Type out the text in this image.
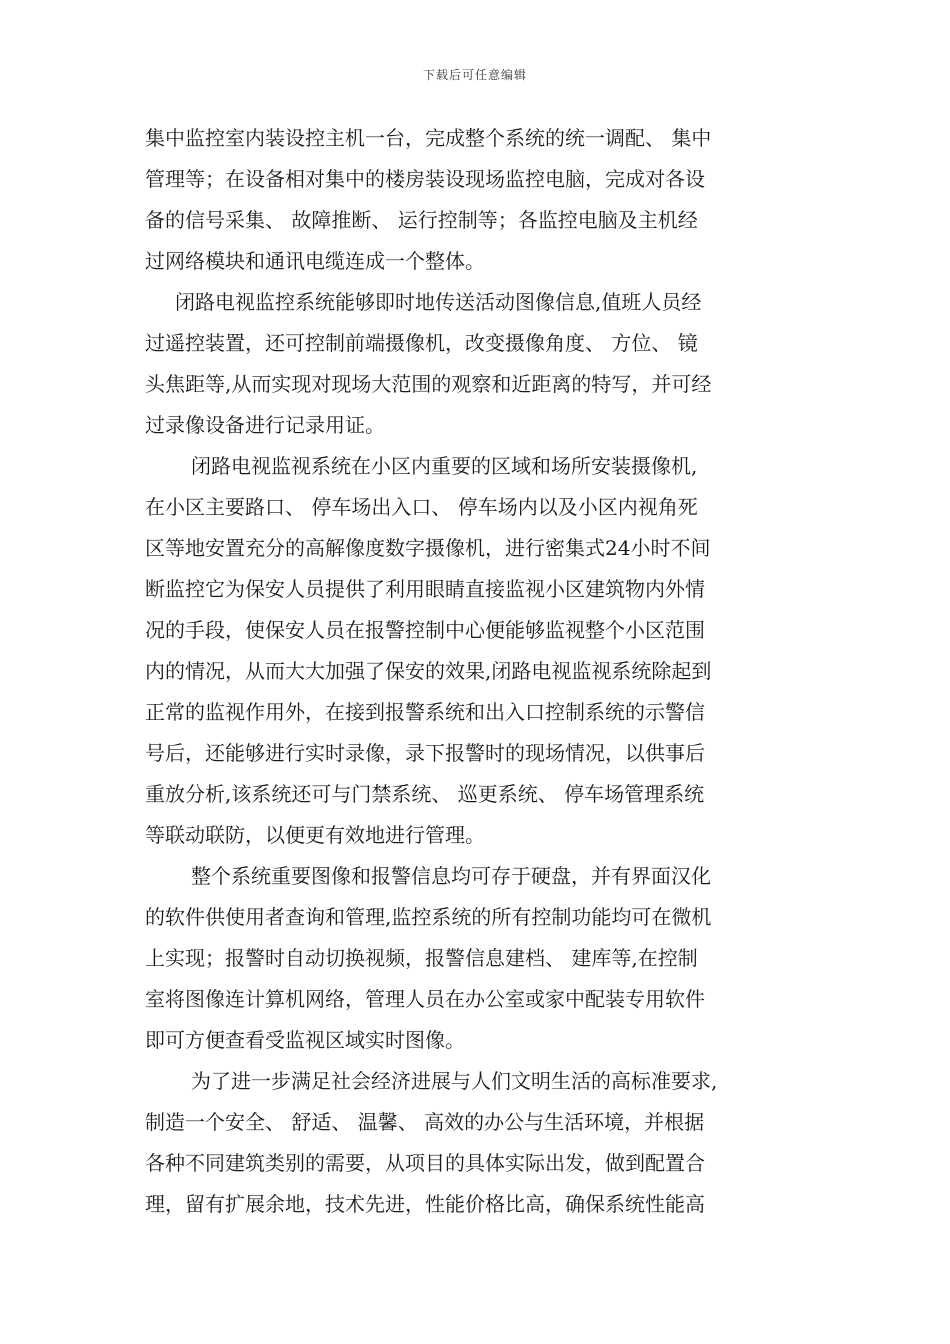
下载后可任意编辑
集中监控室内装设控主机一台，完成整个系统的统一调配、 集中
管理等；在设备相对集中的楼房装设现场监控电脑，完成对各设
备的信号采集、 故障推断、 运行控制等；各监控电脑及主机经
过网络模块和通讯电缆连成一个整体。
闭路电视监控系统能够即时地传送活动图像信息,值班人员经
过遥控装置，还可控制前端摄像机，改变摄像角度、 方位、 镜
头焦距等,从而实现对现场大范围的观察和近距离的特写，并可经
过录像设备进行记录用证。
闭路电视监视系统在小区内重要的区域和场所安装摄像机,
在小区主要路口、 停车场出入口、 停车场内以及小区内视角死
区等地安置充分的高解像度数字摄像机，进行密集式24小时不间
断监控它为保安人员提供了利用眼睛直接监视小区建筑物内外情
况的手段，使保安人员在报警控制中心便能够监视整个小区范围
内的情况，从而大大加强了保安的效果,闭路电视监视系统除起到
正常的监视作用外，在接到报警系统和出入口控制系统的示警信
号后，还能够进行实时录像，录下报警时的现场情况，以供事后
重放分析,该系统还可与门禁系统、 巡更系统、 停车场管理系统
等联动联防，以便更有效地进行管理。
整个系统重要图像和报警信息均可存于硬盘，并有界面汉化
的软件供使用者查询和管理,监控系统的所有控制功能均可在微机
上实现；报警时自动切换视频，报警信息建档、 建库等,在控制
室将图像连计算机网络，管理人员在办公室或家中配装专用软件
即可方便查看受监视区域实时图像。
为了进一步满足社会经济进展与人们文明生活的高标准要求,
制造一个安全、 舒适、 温馨、 高效的办公与生活环境，并根据
各种不同建筑类别的需要，从项目的具体实际出发，做到配置合
理，留有扩展余地，技术先进，性能价格比高，确保系统性能高
